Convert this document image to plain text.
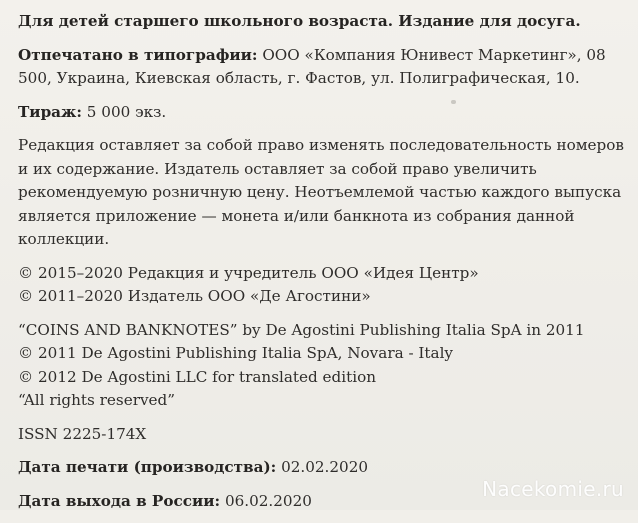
Для детей старшего школьного возраста. Издание для досуга.

Отпечатано в типографии: ООО «Компания Юнивест Маркетинг», 08 500, Украина, Киевская область, г. Фастов, ул. Полиграфическая, 10.

Тираж: 5 000 экз.

Редакция оставляет за собой право изменять последовательность номеров и их содержание. Издатель оставляет за собой право увеличить рекомендуемую розничную цену. Неотъемлемой частью каждого выпуска является приложение — монета и/или банкнота из собрания данной коллекции.

© 2015–2020 Редакция и учредитель ООО «Идея Центр»

© 2011–2020 Издатель ООО «Де Агостини»

“COINS AND BANKNOTES” by De Agostini Publishing Italia SpA in 2011

© 2011 De Agostini Publishing Italia SpA, Novara - Italy

© 2012 De Agostini LLC for translated edition

“All rights reserved”

ISSN 2225-174X

Дата печати (производства): 02.02.2020

Дата выхода в России: 06.02.2020	Nacekomie.ru
